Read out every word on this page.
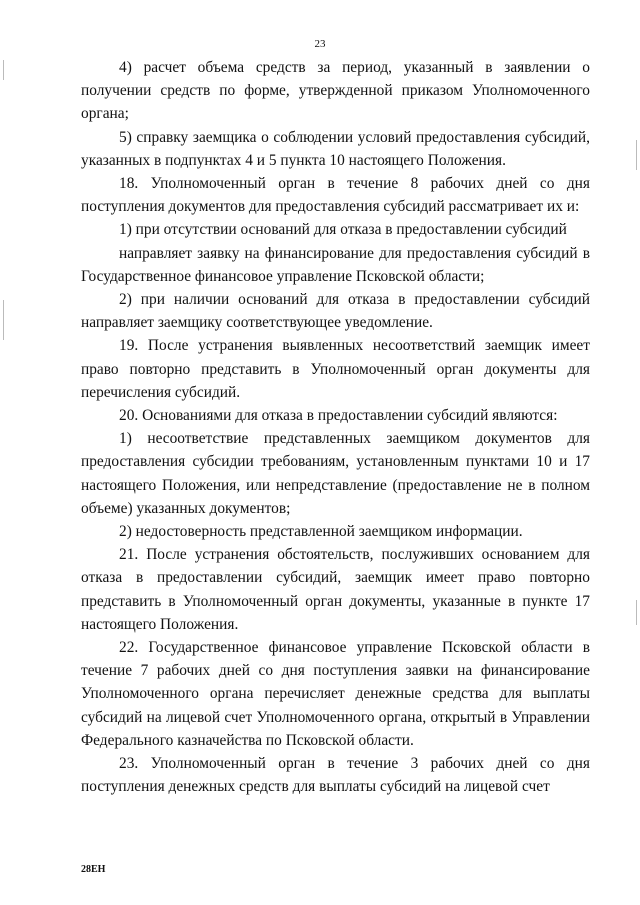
23

4) расчет объема средств за период, указанный в заявлении о получении средств по форме, утвержденной приказом Уполномоченного органа;

5) справку заемщика о соблюдении условий предоставления субсидий, указанных в подпунктах 4 и 5 пункта 10 настоящего Положения.

18. Уполномоченный орган в течение 8 рабочих дней со дня поступления документов для предоставления субсидий рассматривает их и:

1) при отсутствии оснований для отказа в предоставлении субсидий

направляет заявку на финансирование для предоставления субсидий в Государственное финансовое управление Псковской области;

2) при наличии оснований для отказа в предоставлении субсидий направляет заемщику соответствующее уведомление.

19. После устранения выявленных несоответствий заемщик имеет право повторно представить в Уполномоченный орган документы для перечисления субсидий.

20. Основаниями для отказа в предоставлении субсидий являются:

1) несоответствие представленных заемщиком документов для предоставления субсидии требованиям, установленным пунктами 10 и 17 настоящего Положения, или непредставление (предоставление не в полном объеме) указанных документов;

2) недостоверность представленной заемщиком информации.

21. После устранения обстоятельств, послуживших основанием для отказа в предоставлении субсидий, заемщик имеет право повторно представить в Уполномоченный орган документы, указанные в пункте 17 настоящего Положения.

22. Государственное финансовое управление Псковской области в течение 7 рабочих дней со дня поступления заявки на финансирование Уполномоченного органа перечисляет денежные средства для выплаты субсидий на лицевой счет Уполномоченного органа, открытый в Управлении Федерального казначейства по Псковской области.

23. Уполномоченный орган в течение 3 рабочих дней со дня поступления денежных средств для выплаты субсидий на лицевой счет

28EH
